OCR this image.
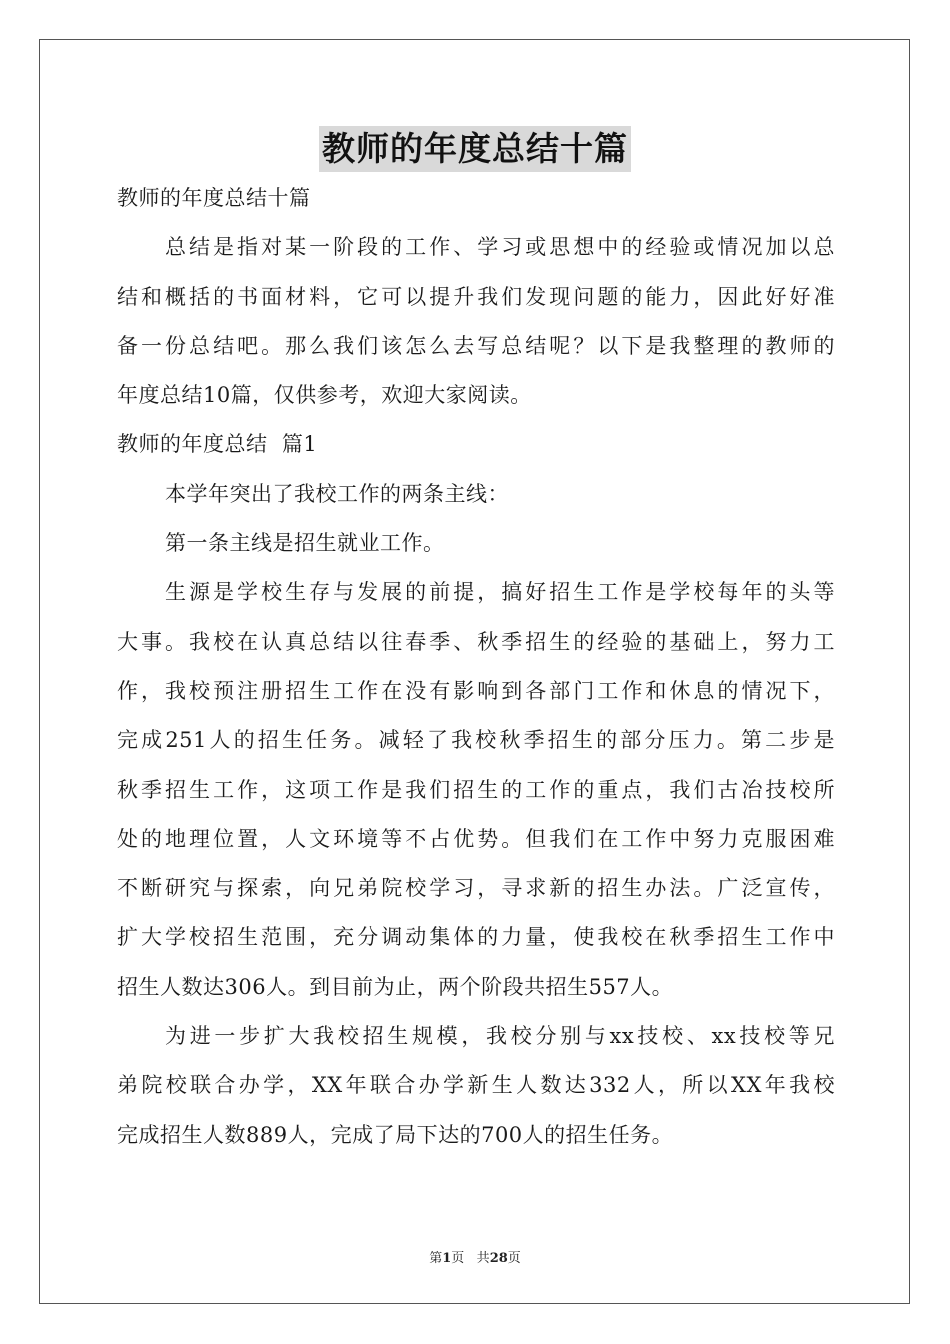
教师的年度总结十篇

教师的年度总结十篇

总结是指对某一阶段的工作、学习或思想中的经验或情况加以总

结和概括的书面材料，它可以提升我们发现问题的能力，因此好好准

备一份总结吧。那么我们该怎么去写总结呢？以下是我整理的教师的

年度总结10篇，仅供参考，欢迎大家阅读。

教师的年度总结  篇1

本学年突出了我校工作的两条主线：

第一条主线是招生就业工作。

生源是学校生存与发展的前提，搞好招生工作是学校每年的头等

大事。我校在认真总结以往春季、秋季招生的经验的基础上，努力工

作，我校预注册招生工作在没有影响到各部门工作和休息的情况下，

完成251人的招生任务。减轻了我校秋季招生的部分压力。第二步是

秋季招生工作，这项工作是我们招生的工作的重点，我们古冶技校所

处的地理位置，人文环境等不占优势。但我们在工作中努力克服困难

不断研究与探索，向兄弟院校学习，寻求新的招生办法。广泛宣传，

扩大学校招生范围，充分调动集体的力量，使我校在秋季招生工作中

招生人数达306人。到目前为止，两个阶段共招生557人。

为进一步扩大我校招生规模，我校分别与xx技校、xx技校等兄

弟院校联合办学，XX年联合办学新生人数达332人，所以XX年我校

完成招生人数889人，完成了局下达的700人的招生任务。

第1页 共28页
